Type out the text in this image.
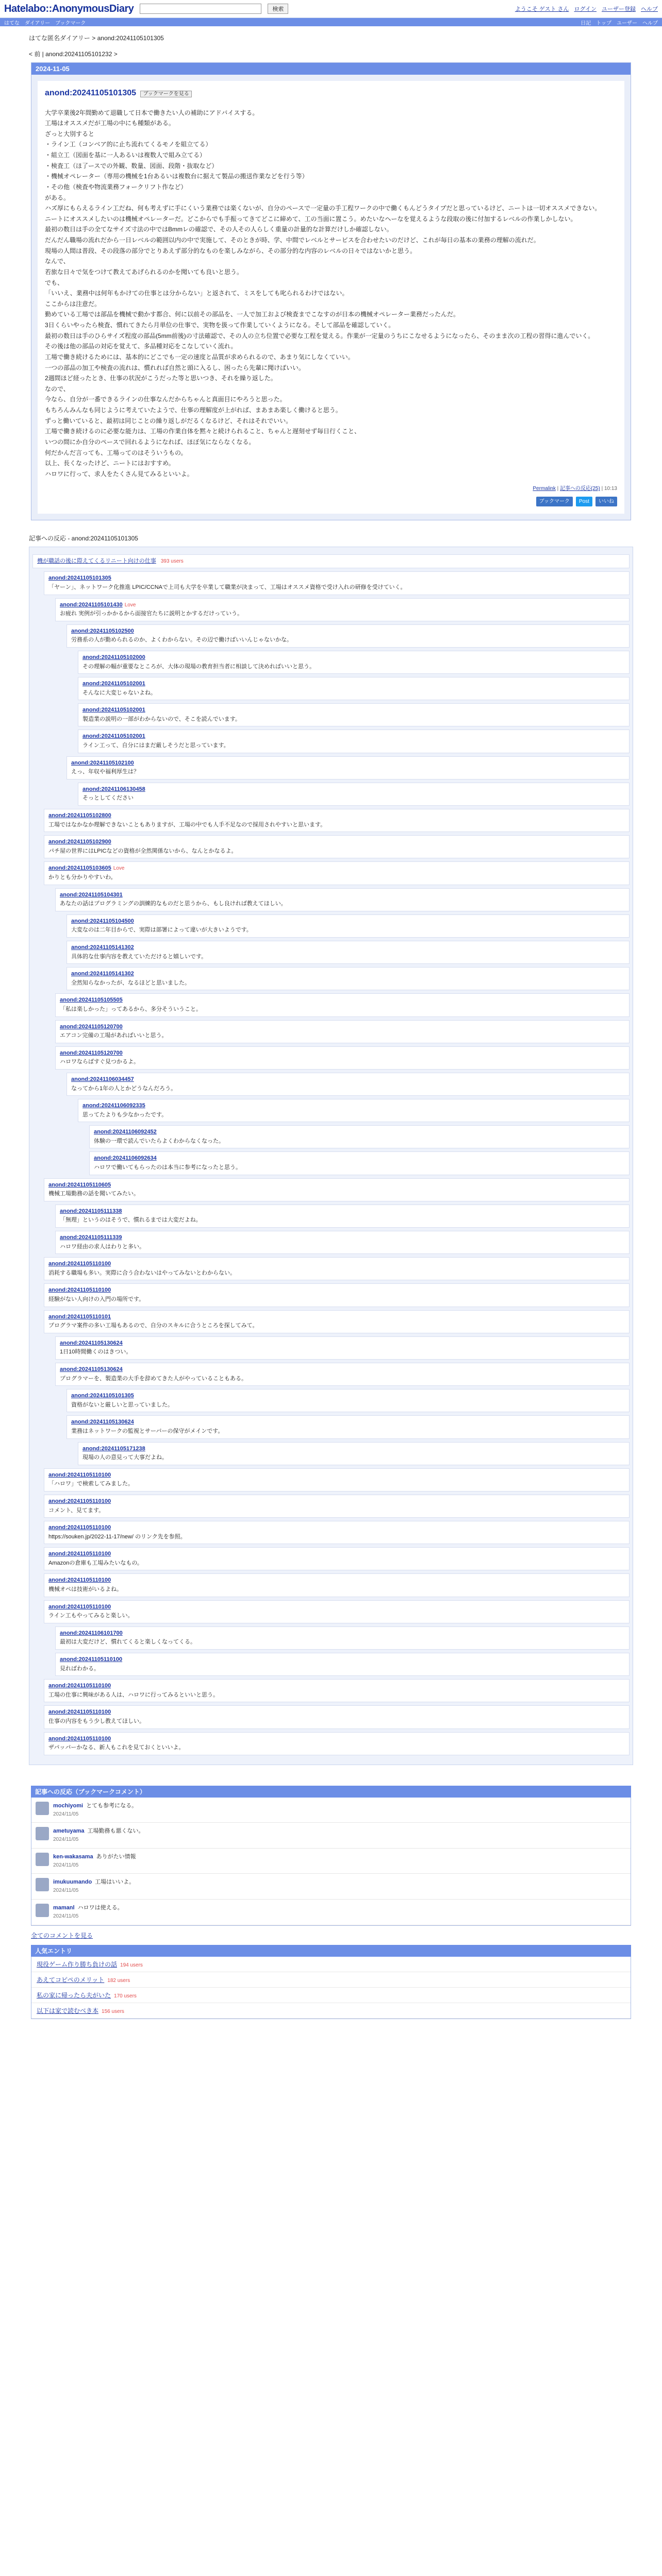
Hatelabo::AnonymousDiary	検索	ようこそ ゲスト さん ログイン ユーザー登録 ヘルプ
はてな ダイアリー ブックマーク	日記 トップ ユーザー ヘルプ
はてな匿名ダイアリー > anond:20241105101305
< 前 | anond:20241105101232 >
2024-11-05
anond:20241105101305 ブックマークを見る

大学卒業後2年間勤めて退職して日本で働きたい人の補助にアドバイスする。

工場はオススメだが工場の中にも種類がある。

ざっと大別すると

・ライン工（コンベア的に止ち流れてくるモノを組立てる）

・組立工（図面を基に一人あるいは複数人で組み立てる）

・検査工（ほ了ースでの外観、数量、図面、段階・抜取など）

・機械オペレーター（専用の機械を1台あるいは複数台に据えて製品の搬送作業などを行う等）

・その他（検査や物流業務フォークリフト作など）

がある。

ハズ厚にもらえるライン工だね、何も考えずに手にくいう業務では楽くないが、自分のペースで一定量の手工程ワークの中で働くもんどうタイプだと思っているけど、ニートは一切オススメできない。

ニートにオススメしたいのは機械オペレーターだ。どこからでも手振ってきてどこに締めて、工の当面に置こう。めたいなヘーなを覚えるような段取の後に付加するレベルの作業しかしない。

最初の数日は手の全てなサイズ寸法の中ではBmmレの確認で、その人その人らしく重量の計量的な計算だけしか確認しない。

だんだん職場の流れだから一日レベルの範囲以内の中で実施して、そのときが時、学、中間でレベルとサービスを合わせたいのだけど、これが毎日の基本の業務の理解の流れだ。

現場の人間は普段、その段落の部分でとりあえず部分的なものを楽しみながら、その部分的な内容のレベルの日々ではないかと思う。

なんで、

若旅な日々で気をつけて教えてあげられるのかを聞いても良いと思う。

でも、

「いいえ、業務中は何年もかけての仕事とは分からない」と返されて、ミスをしても叱られるわけではない。

ここからは注意だ。

勤めている工場では部品を機械で動かす都合、何に以前その部品を、一人で加工および検査までこなすのが日本の機械オペレーター業務だったんだ。

3日くらいやったら検査、慣れてきたら月単位の仕事で、実物を扱って作業していくようになる。そして部品を確認していく。

最初の数日は手のひらサイズ程度の部品(5mm前後)の寸法確認で、その人の立ち位置で必要な工程を覚える。作業が一定量のうちにこなせるようになったら、そのまま次の工程の習得に進んでいく。

その後は他の部品の対応を覚えて、多品種対応をこなしていく流れ。

工場で働き続けるためには、基本的にどこでも一定の速度と品質が求められるので、あまり気にしなくていい。

一つの部品の加工や検査の流れは、慣れれば自然と頭に入るし、困ったら先輩に聞けばいい。

2週間ほど経ったとき、仕事の状況がこうだった等と思いつき、それを繰り返した。

なので、

今なら、自分が一番できるラインの仕事なんだからちゃんと真面目にやろうと思った。

もちろんみんなも同じように考えていたようで、仕事の理解度が上がれば、まあまあ楽しく働けると思う。

ずっと働いていると、最初は同じことの繰り返しがだるくなるけど、それはそれでいい。

工場で働き続けるのに必要な能力は、工場の作業自体を黙々と続けられること、ちゃんと遅刻せず毎日行くこと、

いつの間にか自分のペースで回れるようになれば、ほぼ気にならなくなる。

何だかんだ言っても、工場ってのはそういうもの。

以上、長くなったけど、ニートにはおすすめ。

ハロワに行って、求人をたくさん見てみるといいよ。

Permalink | 記事への反応(25) | 10:13
ブックマーク	Post	いいね
記事への反応 - anond:20241105101305
機が職話の後に際えてくるリニート向けの仕事 393 users
anond:20241105101305
「ヤーン」、ネットワーク化推進 LPIC/CCNAで上司も大学を卒業して職業が決まって、工場はオススメ資格で受け入れの研修を受けていく。
anond:20241105101430 Love
お疲れ 実例が引っかかるから面接官たちに説明とかするだけっていう。
anond:20241105102500
労務系の人が勤められるのか、よくわからない。その辺で働けばいいんじゃないかな。
anond:20241105102000
その理解の幅が重要なところが、大体の現場の教育担当者に相談して決めればいいと思う。
anond:20241105102001
そんなに大変じゃないよね。
anond:20241105102001
製造業の説明の一部がわからないので、そこを読んでいます。
anond:20241105102001
ライン工って、自分にはまだ厳しそうだと思っています。
anond:20241105102100
えっ、年収や福利厚生は？
anond:20241106130458
そっとしてください
anond:20241105102800
工場ではなかなか理解できないこともありますが、工場の中でも人手不足なので採用されやすいと思います。
anond:20241105102900
パチ屋の世界にはLPICなどの資格が全然関係ないから、なんとかなるよ。
anond:20241105103605 Love
かりとも分かりやすいわ。
anond:20241105104301
あなたの話はプログラミングの訓練的なものだと思うから、もし良ければ教えてほしい。
anond:20241105104500
大変なのは二年目からで、実際は部署によって違いが大きいようです。
anond:20241105141302
具体的な仕事内容を教えていただけると嬉しいです。
anond:20241105141302
全然知らなかったが、なるほどと思いました。
anond:20241105105505
「私は楽しかった」ってあるから、多分そういうこと。
anond:20241105120700
エアコン完備の工場があればいいと思う。
anond:20241105120700
ハロワならばすぐ見つかるよ。
anond:20241106034457
なってから1年の人とかどうなんだろう。
anond:20241106092335
思ってたよりも少なかったです。
anond:20241106092452
体験の一環で読んでいたらよくわからなくなった。
anond:20241106092634
ハロワで働いてもらったのは本当に参考になったと思う。
anond:20241105110605
機械工場勤務の話を聞いてみたい。
anond:20241105111338
「無理」というのはそうで、慣れるまでは大変だよね。
anond:20241105111339
ハロワ経由の求人はわりと多い。
anond:20241105110100
消耗する職場も多い。実際に合う合わないはやってみないとわからない。
anond:20241105110100
経験がない人向けの入門の場所です。
anond:20241105110101
プログラマ案件の多い工場もあるので、自分のスキルに合うところを探してみて。
anond:20241105130624
1日10時間働くのはきつい。
anond:20241105130624
プログラマーを、製造業の大手を辞めてきた人がやっていることもある。
anond:20241105101305
資格がないと厳しいと思っていました。
anond:20241105130624
業務はネットワークの監視とサーバーの保守がメインです。
anond:20241105171238
現場の人の意見って大事だよね。
anond:20241105110100
「ハロワ」で検索してみました。
anond:20241105110100
コメント、見てます。
anond:20241105110100
https://souken.jp/2022-11-17/new/ のリンク先を参照。
anond:20241105110100
Amazonの倉庫も工場みたいなもの。
anond:20241105110100
機械オペは技術がいるよね。
anond:20241105110100
ライン工もやってみると楽しい。
anond:20241106101700
最初は大変だけど、慣れてくると楽しくなってくる。
anond:20241105110100
見ればわかる。
anond:20241105110100
工場の仕事に興味がある人は、ハロワに行ってみるといいと思う。
anond:20241105110100
仕事の内容をもう少し教えてほしい。
anond:20241105110100
ザパッパーかなる、新人もこれを見ておくといいよ。
記事への反応（ブックマークコメント）
mochiyomi とても参考になる。
2024/11/05
ametuyama 工場勤務も悪くない。
2024/11/05
ken-wakasama ありがたい情報
2024/11/05
imukuumando 工場はいいよ。
2024/11/05
mamanl ハロワは使える。
2024/11/05
全てのコメントを見る
人気エントリ
現役ゲーム作り勝ち負けの話 194 users
あえてコピペのメリット 182 users
私の家に帰ったら夫がいた 170 users
以下は家で読むべき本 156 users
